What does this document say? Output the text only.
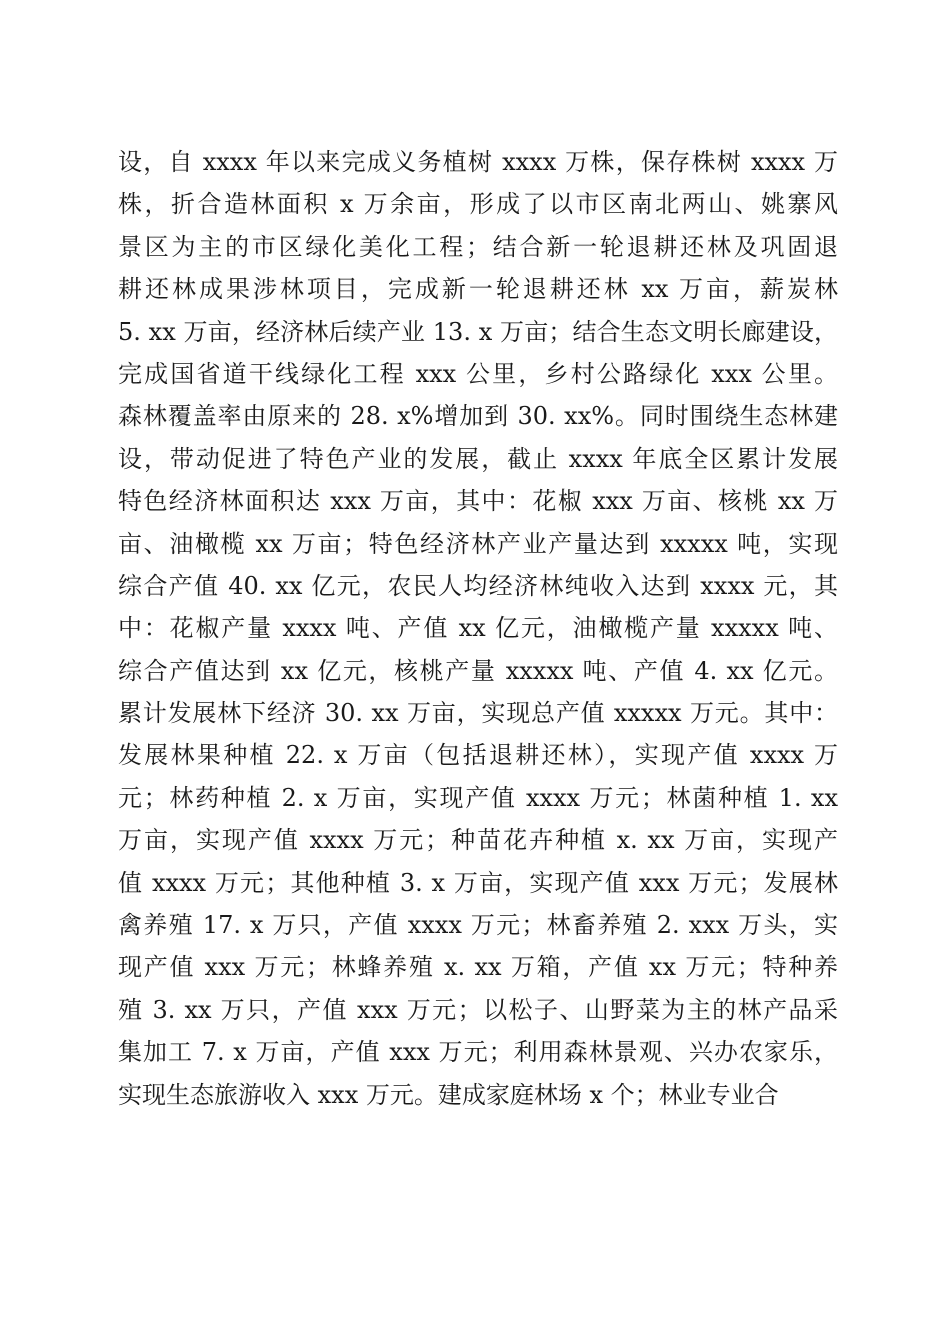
设，自 xxxx 年以来完成义务植树 xxxx 万株，保存株树 xxxx 万
株，折合造林面积 x 万余亩，形成了以市区南北两山、姚寨风
景区为主的市区绿化美化工程；结合新一轮退耕还林及巩固退
耕还林成果涉林项目，完成新一轮退耕还林 xx 万亩，薪炭林
5. xx 万亩，经济林后续产业 13. x 万亩；结合生态文明长廊建设，
完成国省道干线绿化工程 xxx 公里，乡村公路绿化 xxx 公里。
森林覆盖率由原来的 28. x%增加到 30. xx%。同时围绕生态林建
设，带动促进了特色产业的发展，截止 xxxx 年底全区累计发展
特色经济林面积达 xxx 万亩，其中：花椒 xxx 万亩、核桃 xx 万
亩、油橄榄 xx 万亩；特色经济林产业产量达到 xxxxx 吨，实现
综合产值 40. xx 亿元，农民人均经济林纯收入达到 xxxx 元，其
中：花椒产量 xxxx 吨、产值 xx 亿元，油橄榄产量 xxxxx 吨、
综合产值达到 xx 亿元，核桃产量 xxxxx 吨、产值 4. xx 亿元。
累计发展林下经济 30. xx 万亩，实现总产值 xxxxx 万元。其中：
发展林果种植 22. x 万亩（包括退耕还林），实现产值 xxxx 万
元；林药种植 2. x 万亩，实现产值 xxxx 万元；林菌种植 1. xx
万亩，实现产值 xxxx 万元；种苗花卉种植 x. xx 万亩，实现产
值 xxxx 万元；其他种植 3. x 万亩，实现产值 xxx 万元；发展林
禽养殖 17. x 万只，产值 xxxx 万元；林畜养殖 2. xxx 万头，实
现产值 xxx 万元；林蜂养殖 x. xx 万箱，产值 xx 万元；特种养
殖 3. xx 万只，产值 xxx 万元；以松子、山野菜为主的林产品采
集加工 7. x 万亩，产值 xxx 万元；利用森林景观、兴办农家乐，
实现生态旅游收入 xxx 万元。建成家庭林场 x 个；林业专业合
